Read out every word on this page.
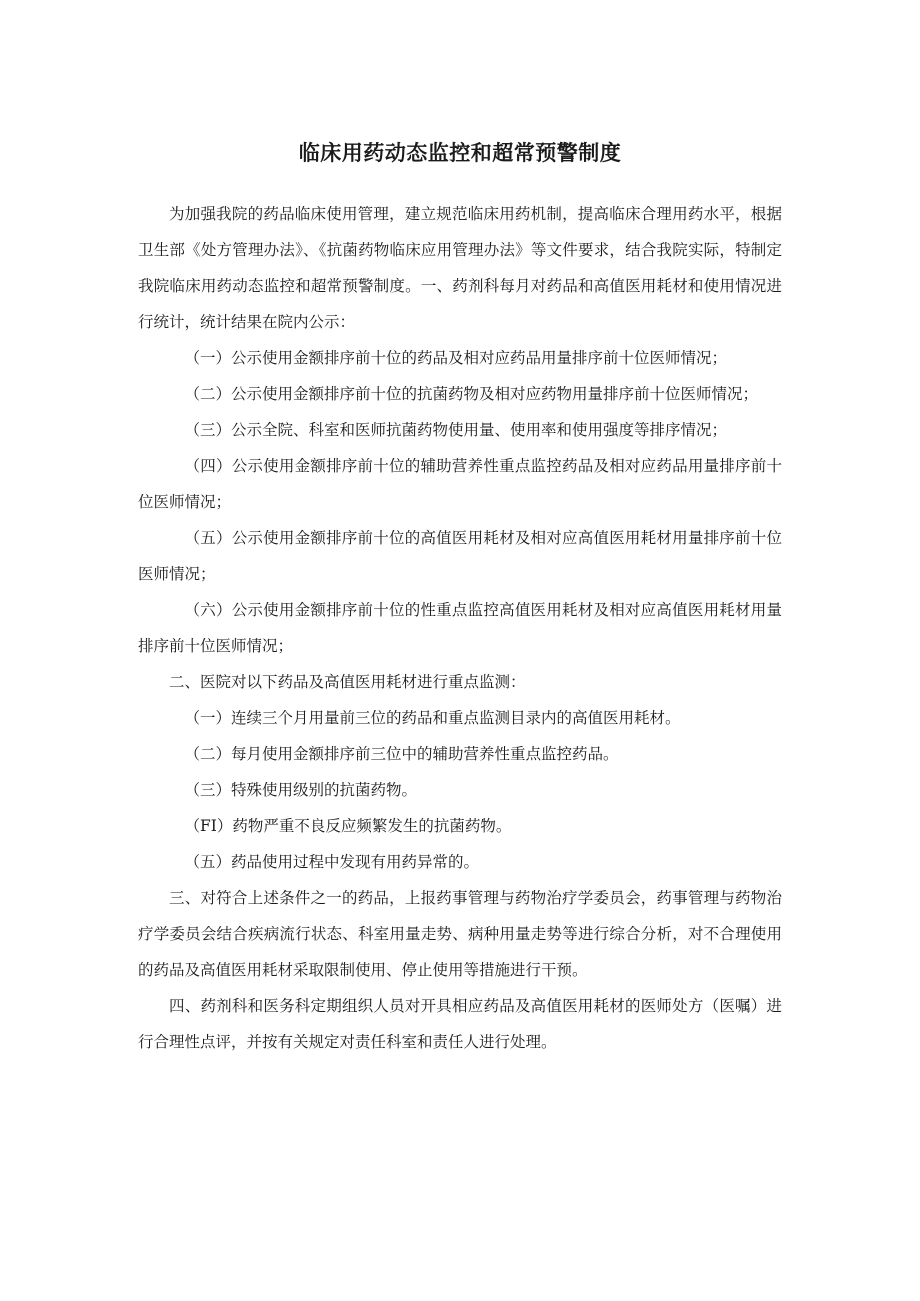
临床用药动态监控和超常预警制度

为加强我院的药品临床使用管理，建立规范临床用药机制，提高临床合理用药水平，根据卫生部《处方管理办法》、《抗菌药物临床应用管理办法》等文件要求，结合我院实际，特制定我院临床用药动态监控和超常预警制度。一、药剂科每月对药品和高值医用耗材和使用情况进行统计，统计结果在院内公示：

（一）公示使用金额排序前十位的药品及相对应药品用量排序前十位医师情况；

（二）公示使用金额排序前十位的抗菌药物及相对应药物用量排序前十位医师情况；

（三）公示全院、科室和医师抗菌药物使用量、使用率和使用强度等排序情况；

（四）公示使用金额排序前十位的辅助营养性重点监控药品及相对应药品用量排序前十位医师情况；

（五）公示使用金额排序前十位的高值医用耗材及相对应高值医用耗材用量排序前十位医师情况；

（六）公示使用金额排序前十位的性重点监控高值医用耗材及相对应高值医用耗材用量排序前十位医师情况；

二、医院对以下药品及高值医用耗材进行重点监测：

（一）连续三个月用量前三位的药品和重点监测目录内的高值医用耗材。

（二）每月使用金额排序前三位中的辅助营养性重点监控药品。

（三）特殊使用级别的抗菌药物。

（FI）药物严重不良反应频繁发生的抗菌药物。

（五）药品使用过程中发现有用药异常的。

三、对符合上述条件之一的药品，上报药事管理与药物治疗学委员会，药事管理与药物治疗学委员会结合疾病流行状态、科室用量走势、病种用量走势等进行综合分析，对不合理使用的药品及高值医用耗材采取限制使用、停止使用等措施进行干预。

四、药剂科和医务科定期组织人员对开具相应药品及高值医用耗材的医师处方（医嘱）进行合理性点评，并按有关规定对责任科室和责任人进行处理。
